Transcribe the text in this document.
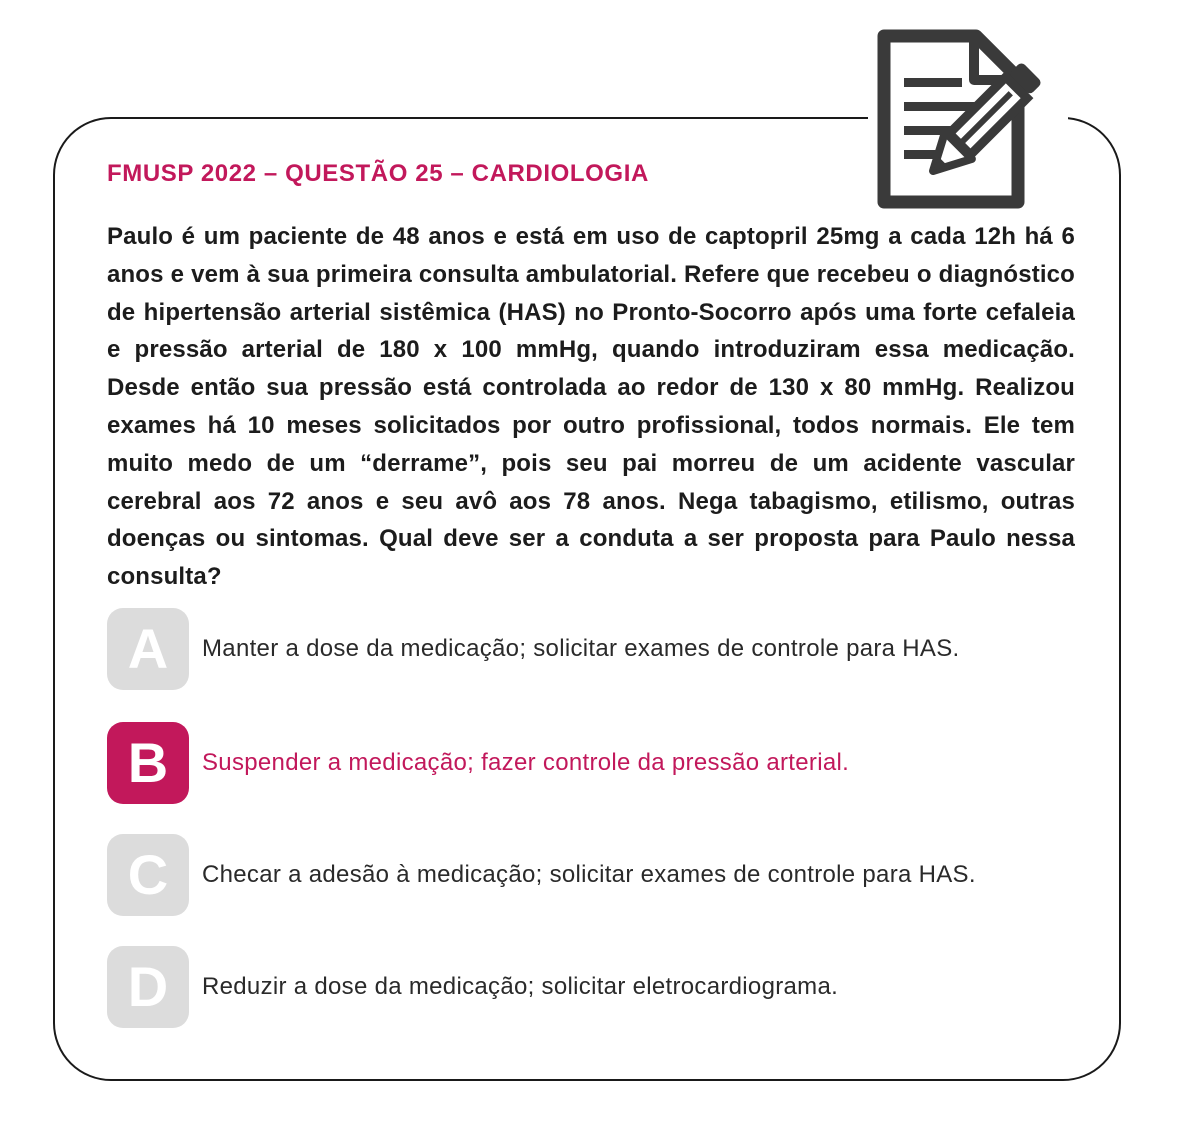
FMUSP 2022 – QUESTÃO 25 – CARDIOLOGIA
Paulo é um paciente de 48 anos e está em uso de captopril 25mg a cada 12h há 6 anos e vem à sua primeira consulta ambulatorial. Refere que recebeu o diagnóstico de hipertensão arterial sistêmica (HAS) no Pronto-Socorro após uma forte cefaleia e pressão arterial de 180 x 100 mmHg, quando introduziram essa medicação. Desde então sua pressão está controlada ao redor de 130 x 80 mmHg. Realizou exames há 10 meses solicitados por outro profissional, todos normais. Ele tem muito medo de um “derrame”, pois seu pai morreu de um acidente vascular cerebral aos 72 anos e seu avô aos 78 anos. Nega tabagismo, etilismo, outras doenças ou sintomas. Qual deve ser a conduta a ser proposta para Paulo nessa consulta?
A	Manter a dose da medicação; solicitar exames de controle para HAS.
B	Suspender a medicação; fazer controle da pressão arterial.
C	Checar a adesão à medicação; solicitar exames de controle para HAS.
D	Reduzir a dose da medicação; solicitar eletrocardiograma.
